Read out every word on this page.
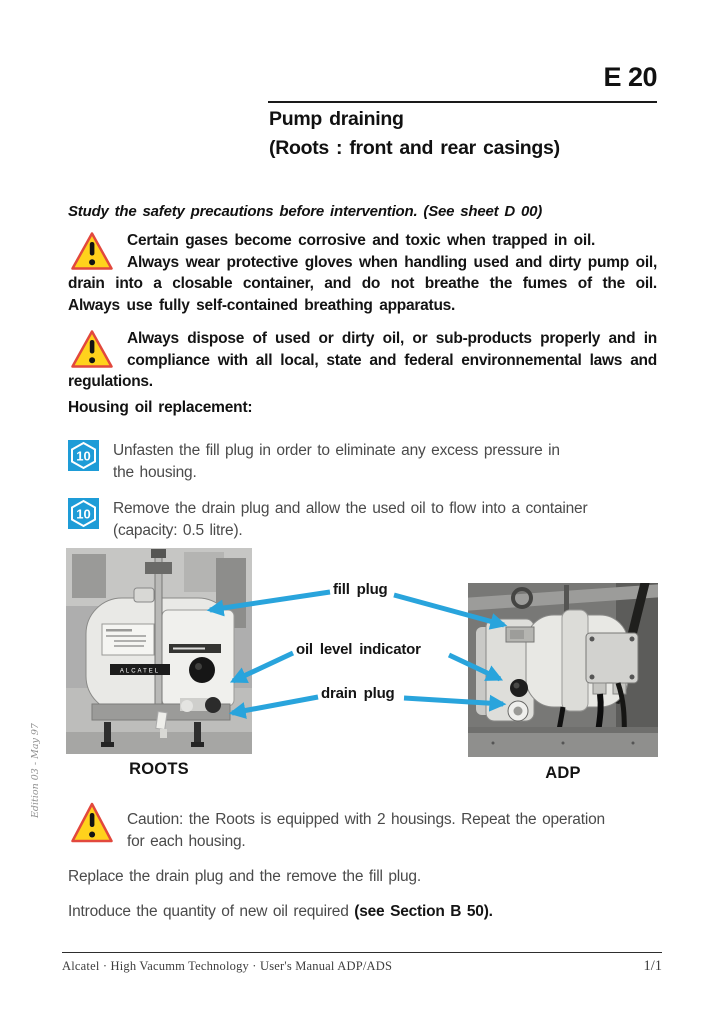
E 20
Pump draining
(Roots : front and rear casings)
Study the safety precautions before intervention. (See sheet D 00)
Certain gases become corrosive and toxic when trapped in oil.
Always wear protective gloves when handling used and dirty pump oil, drain into a closable container, and do not breathe the fumes of the oil. Always use fully self-contained breathing apparatus.
Always dispose of used or dirty oil, or sub-products properly and in compliance with all local, state and federal environnemental laws and regulations.
Housing oil replacement:
10 Unfasten the fill plug in order to eliminate any excess pressure in
the housing.
10 Remove the drain plug and allow the used oil to flow into a container
(capacity: 0.5 litre).
ALCATEL
fill plug
oil level indicator
drain plug
ROOTS	ADP
Caution: the Roots is equipped with 2 housings. Repeat the operation
for each housing.
Replace the drain plug and the remove the fill plug.
Introduce the quantity of new oil required (see Section B 50).
Alcatel · High Vacumm Technology · User's Manual ADP/ADS	1/1
Edition 03 - May 97
